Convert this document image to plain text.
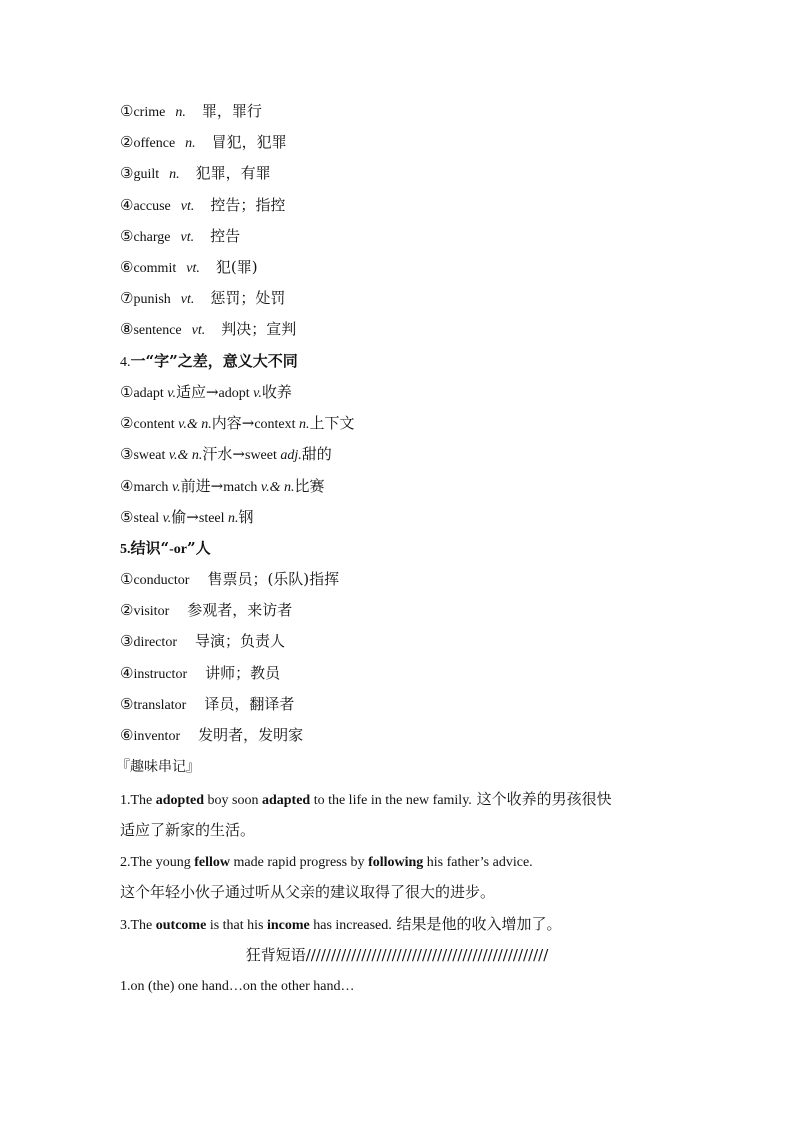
①crime n. 罪，罪行
②offence n. 冒犯，犯罪
③guilt n. 犯罪，有罪
④accuse vt. 控告；指控
⑤charge vt. 控告
⑥commit vt. 犯(罪)
⑦punish vt. 惩罚；处罚
⑧sentence vt. 判决；宣判
4.一“字”之差，意义大不同
①adapt v.适应→adopt v.收养
②content v.& n.内容→context n.上下文
③sweat v.& n.汗水→sweet adj.甜的
④march v.前进→match v.& n.比赛
⑤steal v.偷→steel n.钢
5.结识“-or”人
①conductor 售票员；(乐队)指挥
②visitor 参观者，来访者
③director 导演；负责人
④instructor 讲师；教员
⑤translator 译员，翻译者
⑥inventor 发明者，发明家
『趣味串记』
1.The adopted boy soon adapted to the life in the new family. 这个收养的男孩很快
适应了新家的生活。
2.The young fellow made rapid progress by following his father’s advice.
这个年轻小伙子通过听从父亲的建议取得了很大的进步。
3.The outcome is that his income has increased. 结果是他的收入增加了。
狂背短语////////////////////////////////////////////////
1.on (the) one hand…on the other hand…
